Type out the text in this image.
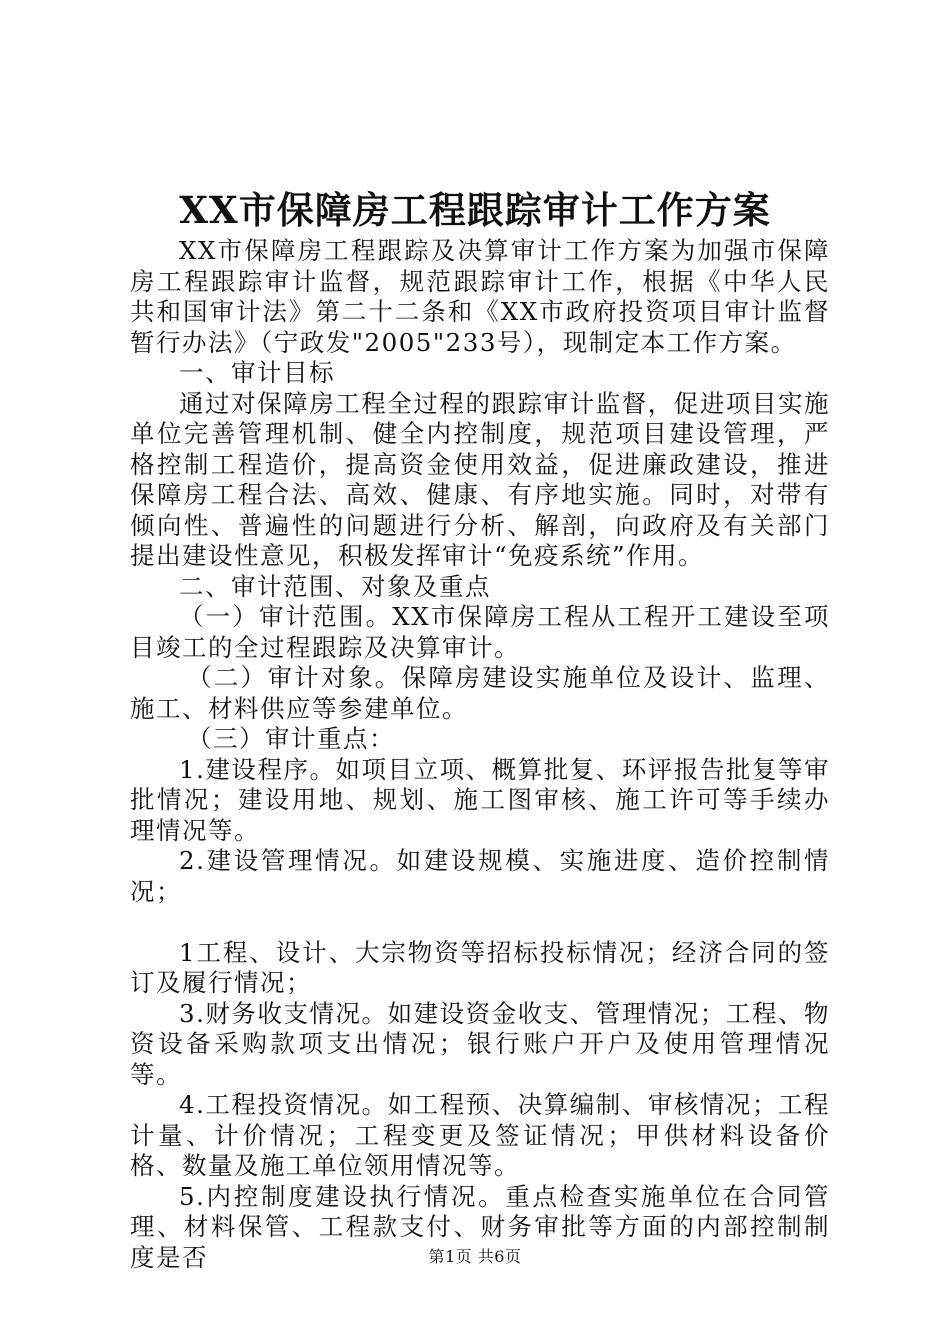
XX市保障房工程跟踪审计工作方案

XX市保障房工程跟踪及决算审计工作方案为加强市保障房工程跟踪审计监督，规范跟踪审计工作，根据《中华人民共和国审计法》第二十二条和《XX市政府投资项目审计监督暂行办法》（宁政发"2005"233号），现制定本工作方案。

一、审计目标

通过对保障房工程全过程的跟踪审计监督，促进项目实施单位完善管理机制、健全内控制度，规范项目建设管理，严格控制工程造价，提高资金使用效益，促进廉政建设，推进保障房工程合法、高效、健康、有序地实施。同时，对带有倾向性、普遍性的问题进行分析、解剖，向政府及有关部门提出建设性意见，积极发挥审计“免疫系统”作用。

二、审计范围、对象及重点

（一）审计范围。XX市保障房工程从工程开工建设至项目竣工的全过程跟踪及决算审计。

（二）审计对象。保障房建设实施单位及设计、监理、施工、材料供应等参建单位。

（三）审计重点：

1.建设程序。如项目立项、概算批复、环评报告批复等审批情况；建设用地、规划、施工图审核、施工许可等手续办理情况等。

2.建设管理情况。如建设规模、实施进度、造价控制情况；

1工程、设计、大宗物资等招标投标情况；经济合同的签订及履行情况；

3.财务收支情况。如建设资金收支、管理情况；工程、物资设备采购款项支出情况；银行账户开户及使用管理情况等。

4.工程投资情况。如工程预、决算编制、审核情况；工程计量、计价情况；工程变更及签证情况；甲供材料设备价格、数量及施工单位领用情况等。

5.内控制度建设执行情况。重点检查实施单位在合同管理、材料保管、工程款支付、财务审批等方面的内部控制制度是否	第1页 共6页
